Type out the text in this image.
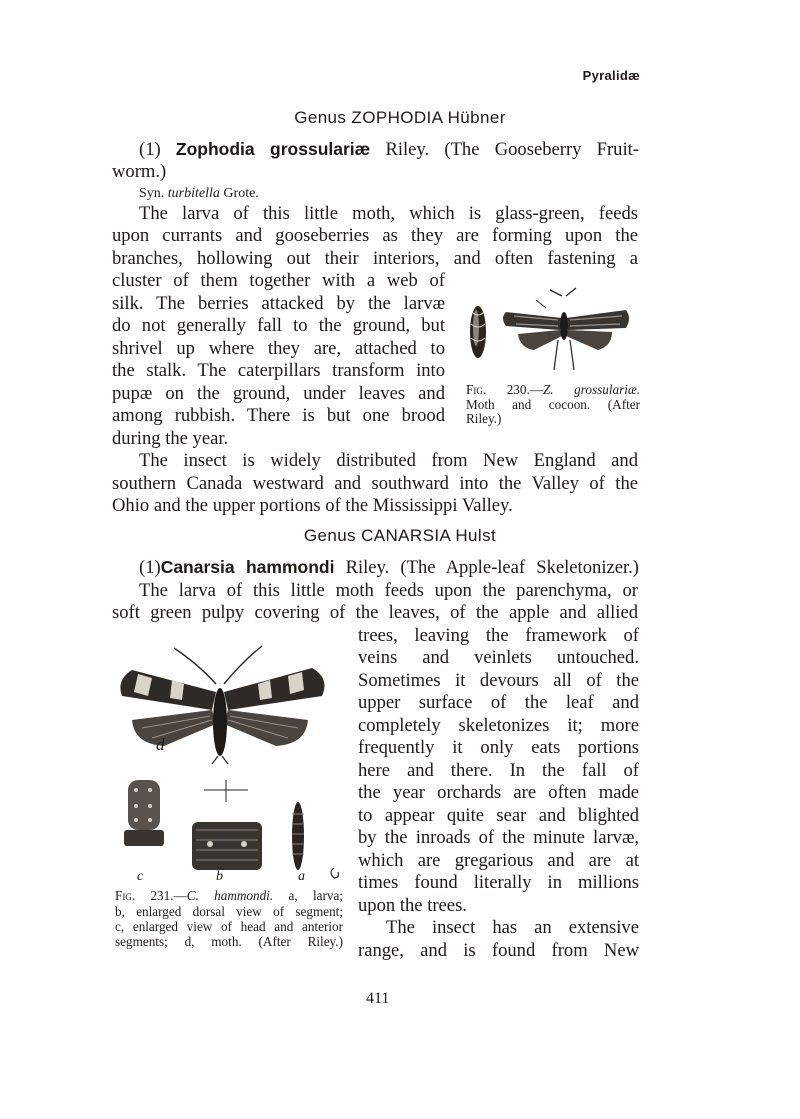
Pyralidæ
Genus ZOPHODIA Hübner
(1) Zophodia grossulariæ Riley. (The Gooseberry Fruit-
worm.)
Syn. turbitella Grote.
The larva of this little moth, which is glass-green, feeds
upon currants and gooseberries as they are forming upon the
branches, hollowing out their interiors, and often fastening a
cluster of them together with a web of
silk. The berries attacked by the larvæ
do not generally fall to the ground, but
shrivel up where they are, attached to
the stalk. The caterpillars transform into
pupæ on the ground, under leaves and
among rubbish. There is but one brood
during the year.
The insect is widely distributed from New England and
southern Canada westward and southward into the Valley of the
Ohio and the upper portions of the Mississippi Valley.
Fig. 230.—Z. grossulariæ.
Moth and cocoon. (After
Riley.)
Genus CANARSIA Hulst
(1)Canarsia hammondi Riley. (The Apple-leaf Skeletonizer.)
The larva of this little moth feeds upon the parenchyma, or
soft green pulpy covering of the leaves, of the apple and allied
trees, leaving the framework of
veins and veinlets untouched.
Sometimes it devours all of the
upper surface of the leaf and
completely skeletonizes it; more
frequently it only eats portions
here and there. In the fall of
the year orchards are often made
to appear quite sear and blighted
by the inroads of the minute larvæ,
which are gregarious and are at
times found literally in millions
upon the trees.
The insect has an extensive
range, and is found from New
d
c	b	a
Fig. 231.—C. hammondi. a, larva;
b, enlarged dorsal view of segment;
c, enlarged view of head and anterior
segments; d, moth. (After Riley.)
411
